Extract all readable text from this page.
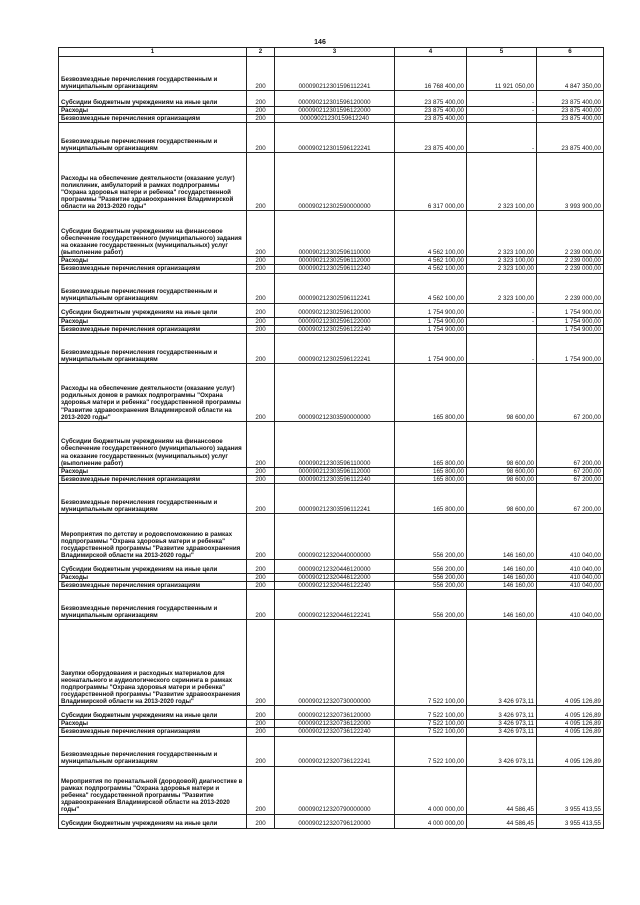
146
1	2	3	4	5	6
Безвозмездные перечисления государственным и муниципальным организациям	200	000090212301596112241	16 768 400,00	11 921 050,00	4 847 350,00
Субсидии бюджетным учреждениям на иные цели	200	000090212301596120000	23 875 400,00	-	23 875 400,00
Расходы	200	000090212301596122000	23 875 400,00	-	23 875 400,00
Безвозмездные перечисления организациям	200	00009021230159612240	23 875 400,00		23 875 400,00
Безвозмездные перечисления государственным и муниципальным организациям	200	000090212301596122241	23 875 400,00	-	23 875 400,00
Расходы на обеспечение деятельности (оказание услуг) поликлиник, амбулаторий в рамках подпрограммы "Охрана здоровья матери и ребенка" государственной программы "Развитие здравоохранения Владимирской области на 2013-2020 годы"	200	000090212302590000000	6 317 000,00	2 323 100,00	3 993 900,00
Субсидии бюджетным учреждениям на финансовое обеспечение государственного (муниципального) задания на оказание государственных (муниципальных) услуг (выполнение работ)	200	000090212302596110000	4 562 100,00	2 323 100,00	2 239 000,00
Расходы	200	000090212302596112000	4 562 100,00	2 323 100,00	2 239 000,00
Безвозмездные перечисления организациям	200	000090212302596112240	4 562 100,00	2 323 100,00	2 239 000,00
Безвозмездные перечисления государственным и муниципальным организациям	200	000090212302596112241	4 562 100,00	2 323 100,00	2 239 000,00
Субсидии бюджетным учреждениям на иные цели	200	000090212302596120000	1 754 900,00	-	1 754 900,00
Расходы	200	000090212302596122000	1 754 900,00	-	1 754 900,00
Безвозмездные перечисления организациям	200	000090212302596122240	1 754 900,00		1 754 900,00
Безвозмездные перечисления государственным и муниципальным организациям	200	000090212302596122241	1 754 900,00	-	1 754 900,00
Расходы на обеспечение деятельности (оказание услуг) родильных домов в рамках подпрограммы "Охрана здоровья матери и ребенка" государственной программы "Развитие здравоохранения Владимирской области на 2013-2020 годы"	200	000090212303590000000	165 800,00	98 600,00	67 200,00
Субсидии бюджетным учреждениям на финансовое обеспечение государственного (муниципального) задания на оказание государственных (муниципальных) услуг (выполнение работ)	200	000090212303596110000	165 800,00	98 600,00	67 200,00
Расходы	200	000090212303596112000	165 800,00	98 600,00	67 200,00
Безвозмездные перечисления организациям	200	000090212303596112240	165 800,00	98 600,00	67 200,00
Безвозмездные перечисления государственным и муниципальным организациям	200	000090212303596112241	165 800,00	98 600,00	67 200,00
Мероприятия по детству и родовспоможению в рамках подпрограммы "Охрана здоровья матери и ребенка" государственной программы "Развитие здравоохранения Владимирской области на 2013-2020 годы"	200	000090212320440000000	556 200,00	146 160,00	410 040,00
Субсидии бюджетным учреждениям на иные цели	200	000090212320446120000	556 200,00	146 160,00	410 040,00
Расходы	200	000090212320446122000	556 200,00	146 160,00	410 040,00
Безвозмездные перечисления организациям	200	000090212320446122240	556 200,00	146 160,00	410 040,00
Безвозмездные перечисления государственным и муниципальным организациям	200	000090212320446122241	556 200,00	146 160,00	410 040,00
Закупки оборудования и расходных материалов для неонатального и аудиологического скрининга в рамках подпрограммы "Охрана здоровья матери и ребенка" государственной программы "Развитие здравоохранения Владимирской области на 2013-2020 годы"	200	000090212320730000000	7 522 100,00	3 426 973,11	4 095 126,89
Субсидии бюджетным учреждениям на иные цели	200	000090212320736120000	7 522 100,00	3 426 973,11	4 095 126,89
Расходы	200	000090212320736122000	7 522 100,00	3 426 973,11	4 095 126,89
Безвозмездные перечисления организациям	200	000090212320736122240	7 522 100,00	3 426 973,11	4 095 126,89
Безвозмездные перечисления государственным и муниципальным организациям	200	000090212320736122241	7 522 100,00	3 426 973,11	4 095 126,89
Мероприятия по пренатальной (дородовой) диагностике в рамках подпрограммы "Охрана здоровья матери и ребенка" государственной программы "Развитие здравоохранения Владимирской области на 2013-2020 годы"	200	000090212320790000000	4 000 000,00	44 586,45	3 955 413,55
Субсидии бюджетным учреждениям на иные цели	200	000090212320796120000	4 000 000,00	44 586,45	3 955 413,55
